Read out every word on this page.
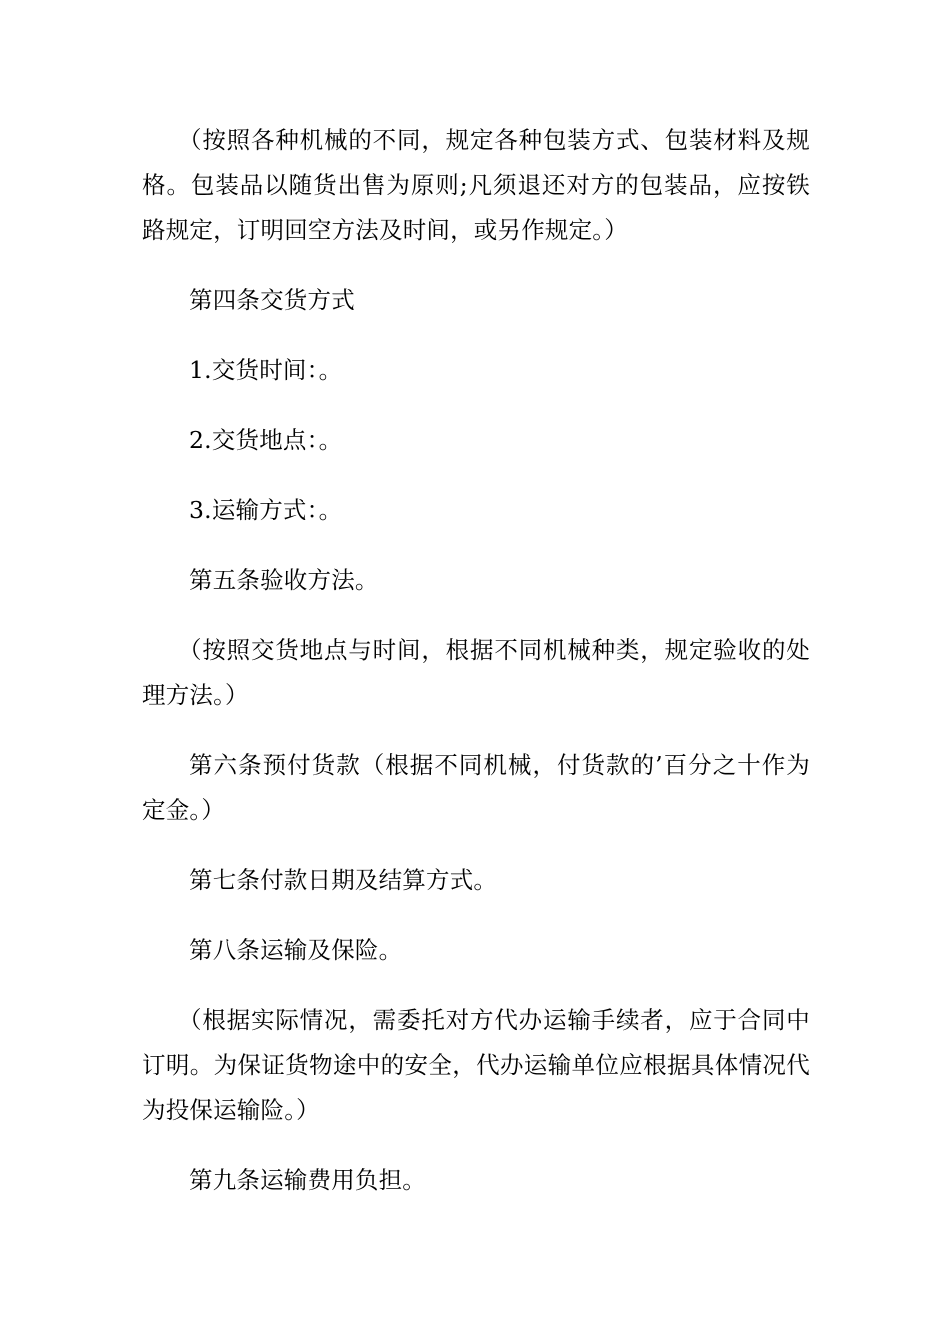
（按照各种机械的不同，规定各种包装方式、包装材料及规格。包装品以随货出售为原则;凡须退还对方的包装品，应按铁路规定，订明回空方法及时间，或另作规定。）

第四条交货方式

1.交货时间：。

2.交货地点：。

3.运输方式：。

第五条验收方法。

（按照交货地点与时间，根据不同机械种类，规定验收的处理方法。）

第六条预付货款（根据不同机械，付货款的’百分之十作为定金。）

第七条付款日期及结算方式。

第八条运输及保险。

（根据实际情况，需委托对方代办运输手续者，应于合同中订明。为保证货物途中的安全，代办运输单位应根据具体情况代为投保运输险。）

第九条运输费用负担。
